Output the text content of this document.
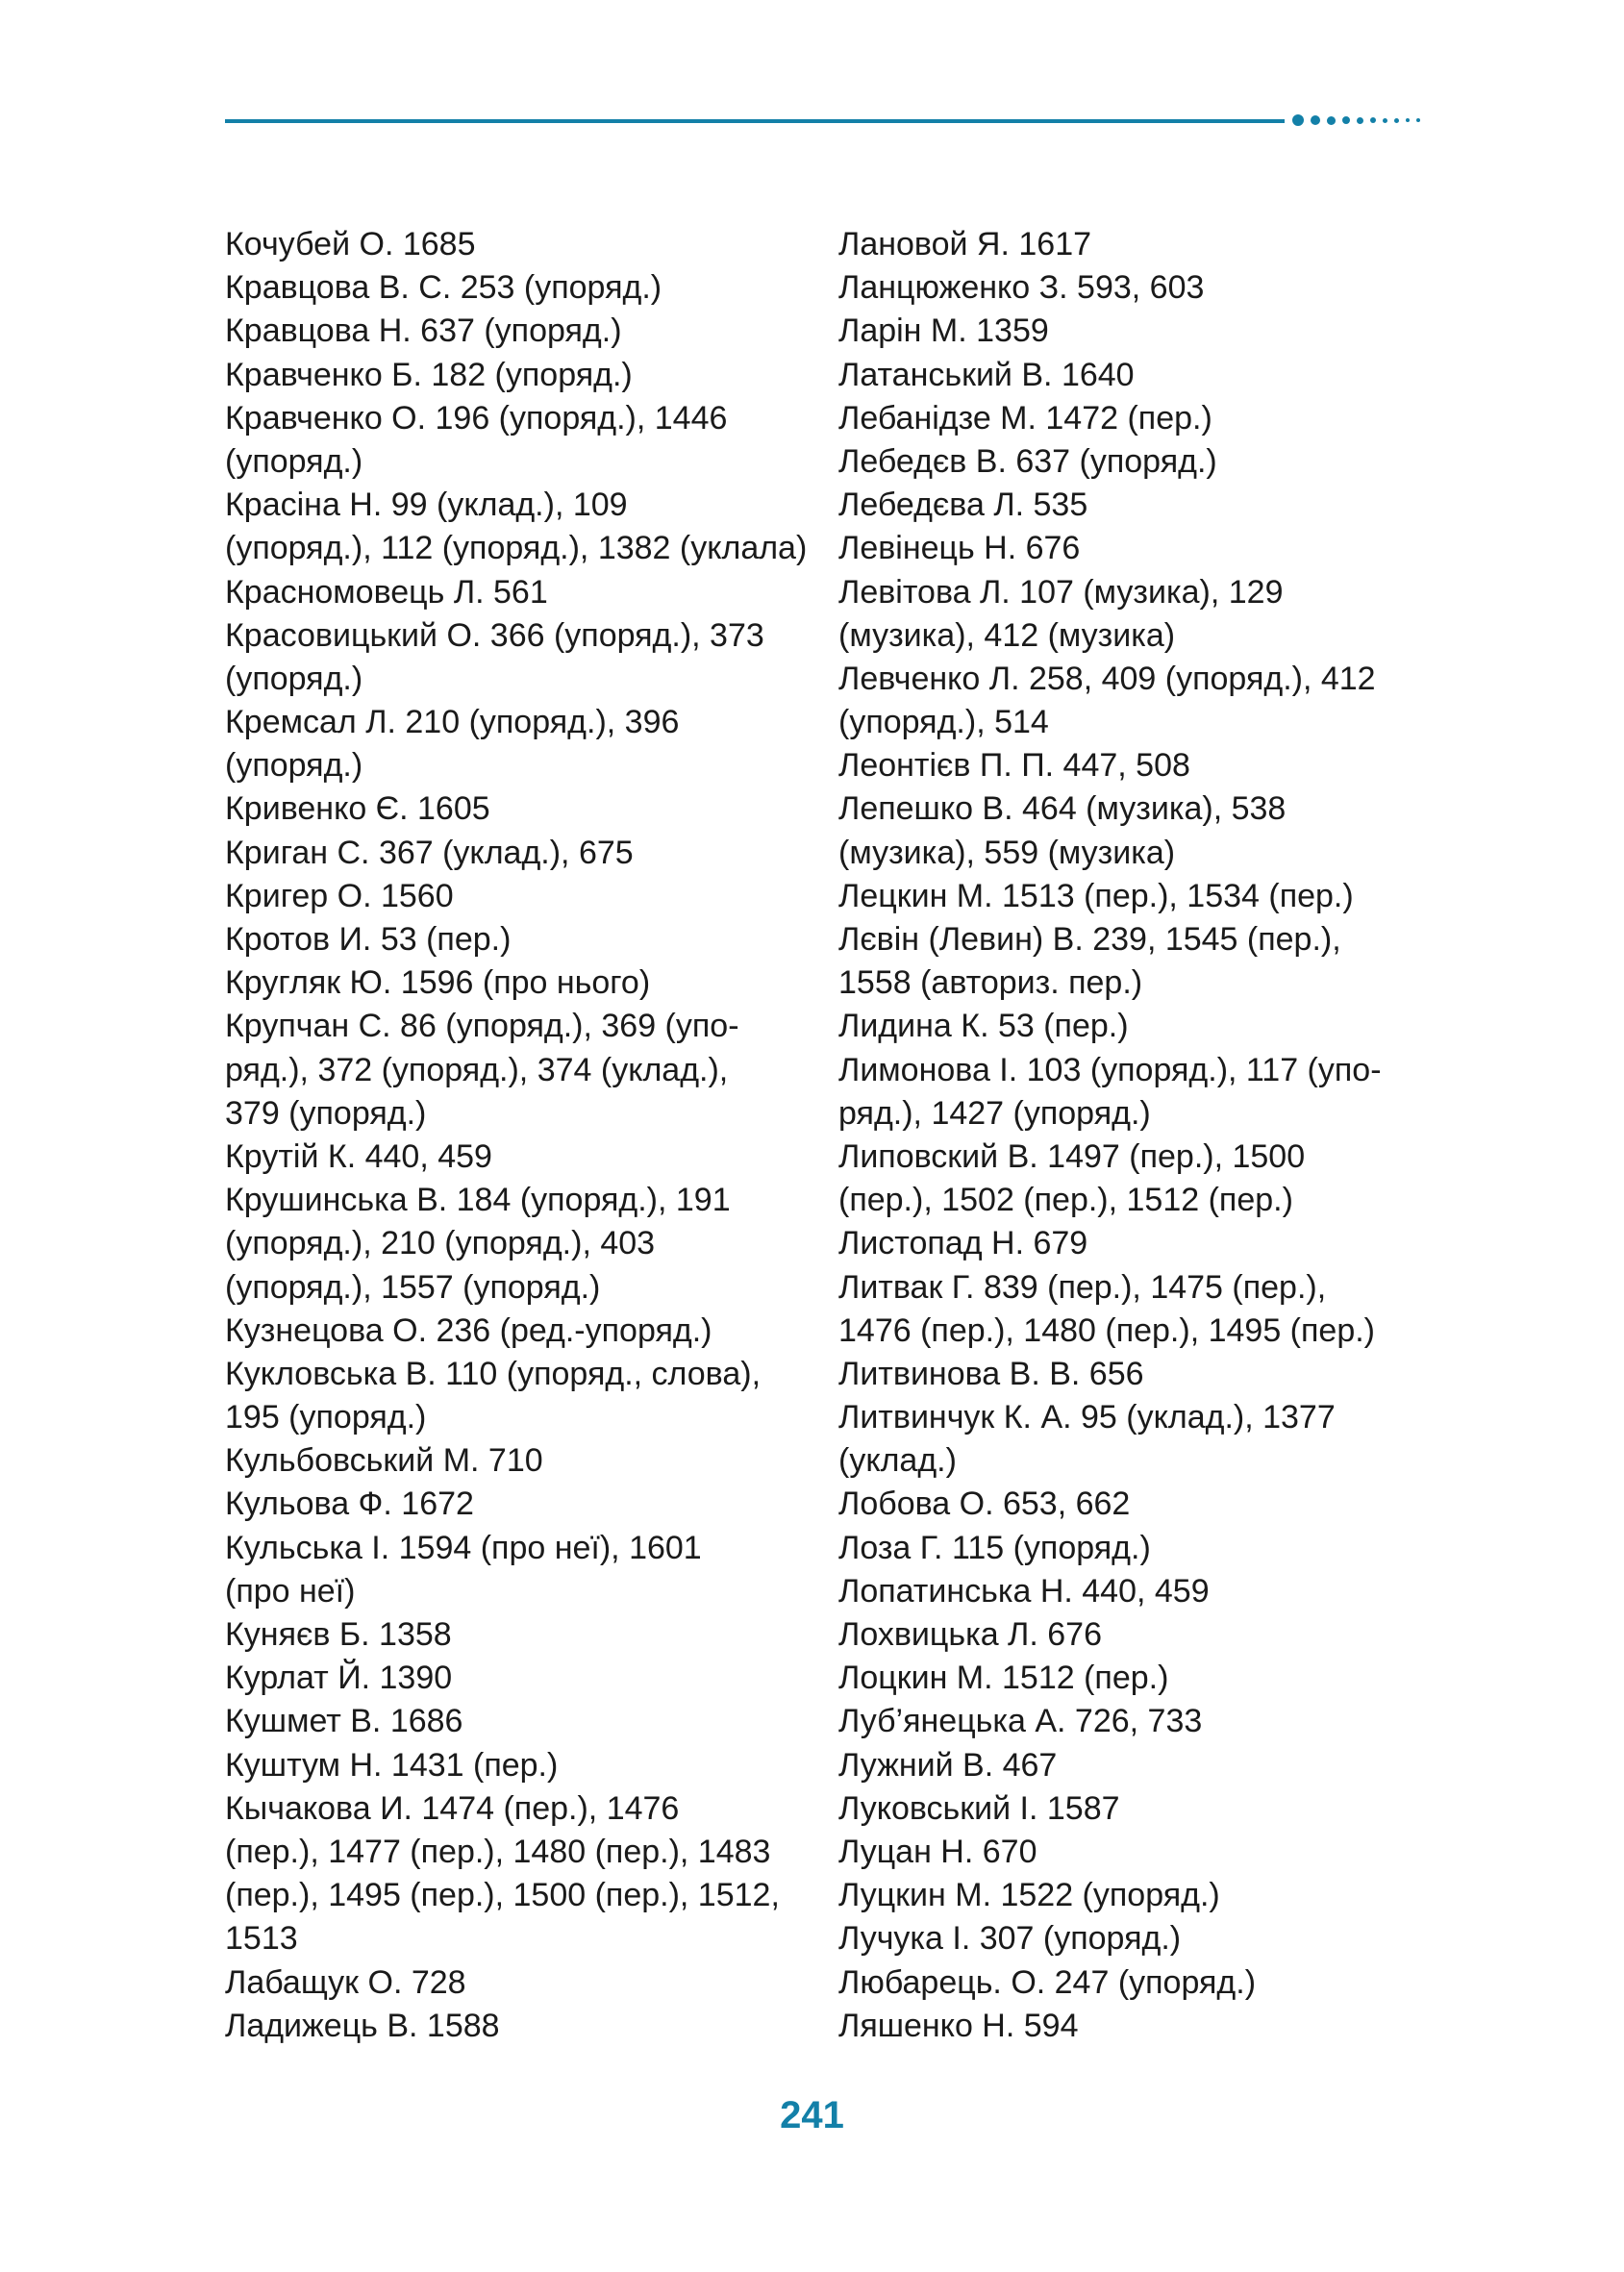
Кочубей О. 1685
Кравцова В. С. 253 (упоряд.)
Кравцова Н. 637 (упоряд.)
Кравченко Б. 182 (упоряд.)
Кравченко О. 196 (упоряд.), 1446
(упоряд.)
Красіна Н. 99 (уклад.), 109
(упоряд.), 112 (упоряд.), 1382 (уклала)
Красномовець Л. 561
Красовицький О. 366 (упоряд.), 373
(упоряд.)
Кремсал Л. 210 (упоряд.), 396
(упоряд.)
Кривенко Є. 1605
Криган С. 367 (уклад.), 675
Кригер О. 1560
Кротов И. 53 (пер.)
Кругляк Ю. 1596 (про нього)
Крупчан С. 86 (упоряд.), 369 (упо-
ряд.), 372 (упоряд.), 374 (уклад.),
379 (упоряд.)
Крутій К. 440, 459
Крушинська В. 184 (упоряд.), 191
(упоряд.), 210 (упоряд.), 403
(упоряд.), 1557 (упоряд.)
Кузнецова О. 236 (ред.-упоряд.)
Кукловська В. 110 (упоряд., слова),
195 (упоряд.)
Кульбовський М. 710
Кульова Ф. 1672
Кульська І. 1594 (про неї), 1601
(про неї)
Куняєв Б. 1358
Курлат Й. 1390
Кушмет В. 1686
Куштум Н. 1431 (пер.)
Кычакова И. 1474 (пер.), 1476
(пер.), 1477 (пер.), 1480 (пер.), 1483
(пер.), 1495 (пер.), 1500 (пер.), 1512,
1513
Лабащук О. 728
Ладижець В. 1588
Лановой Я. 1617
Ланцюженко З. 593, 603
Ларін М. 1359
Латанський В. 1640
Лебанідзе М. 1472 (пер.)
Лебедєв В. 637 (упоряд.)
Лебедєва Л. 535
Левінець Н. 676
Левітова Л. 107 (музика), 129
(музика), 412 (музика)
Левченко Л. 258, 409 (упоряд.), 412
(упоряд.), 514
Леонтієв П. П. 447, 508
Лепешко В. 464 (музика), 538
(музика), 559 (музика)
Лецкин М. 1513 (пер.), 1534 (пер.)
Лєвін (Левин) В. 239, 1545 (пер.),
1558 (авториз. пер.)
Лидина К. 53 (пер.)
Лимонова І. 103 (упоряд.), 117 (упо-
ряд.), 1427 (упоряд.)
Липовский В. 1497 (пер.), 1500
(пер.), 1502 (пер.), 1512 (пер.)
Листопад Н. 679
Литвак Г. 839 (пер.), 1475 (пер.),
1476 (пер.), 1480 (пер.), 1495 (пер.)
Литвинова В. В. 656
Литвинчук К. А. 95 (уклад.), 1377
(уклад.)
Лобова О. 653, 662
Лоза Г. 115 (упоряд.)
Лопатинська Н. 440, 459
Лохвицька Л. 676
Лоцкин М. 1512 (пер.)
Луб’янецька А. 726, 733
Лужний В. 467
Луковський І. 1587
Луцан Н. 670
Луцкин М. 1522 (упоряд.)
Лучука І. 307 (упоряд.)
Любарець. О. 247 (упоряд.)
Ляшенко Н. 594
241
